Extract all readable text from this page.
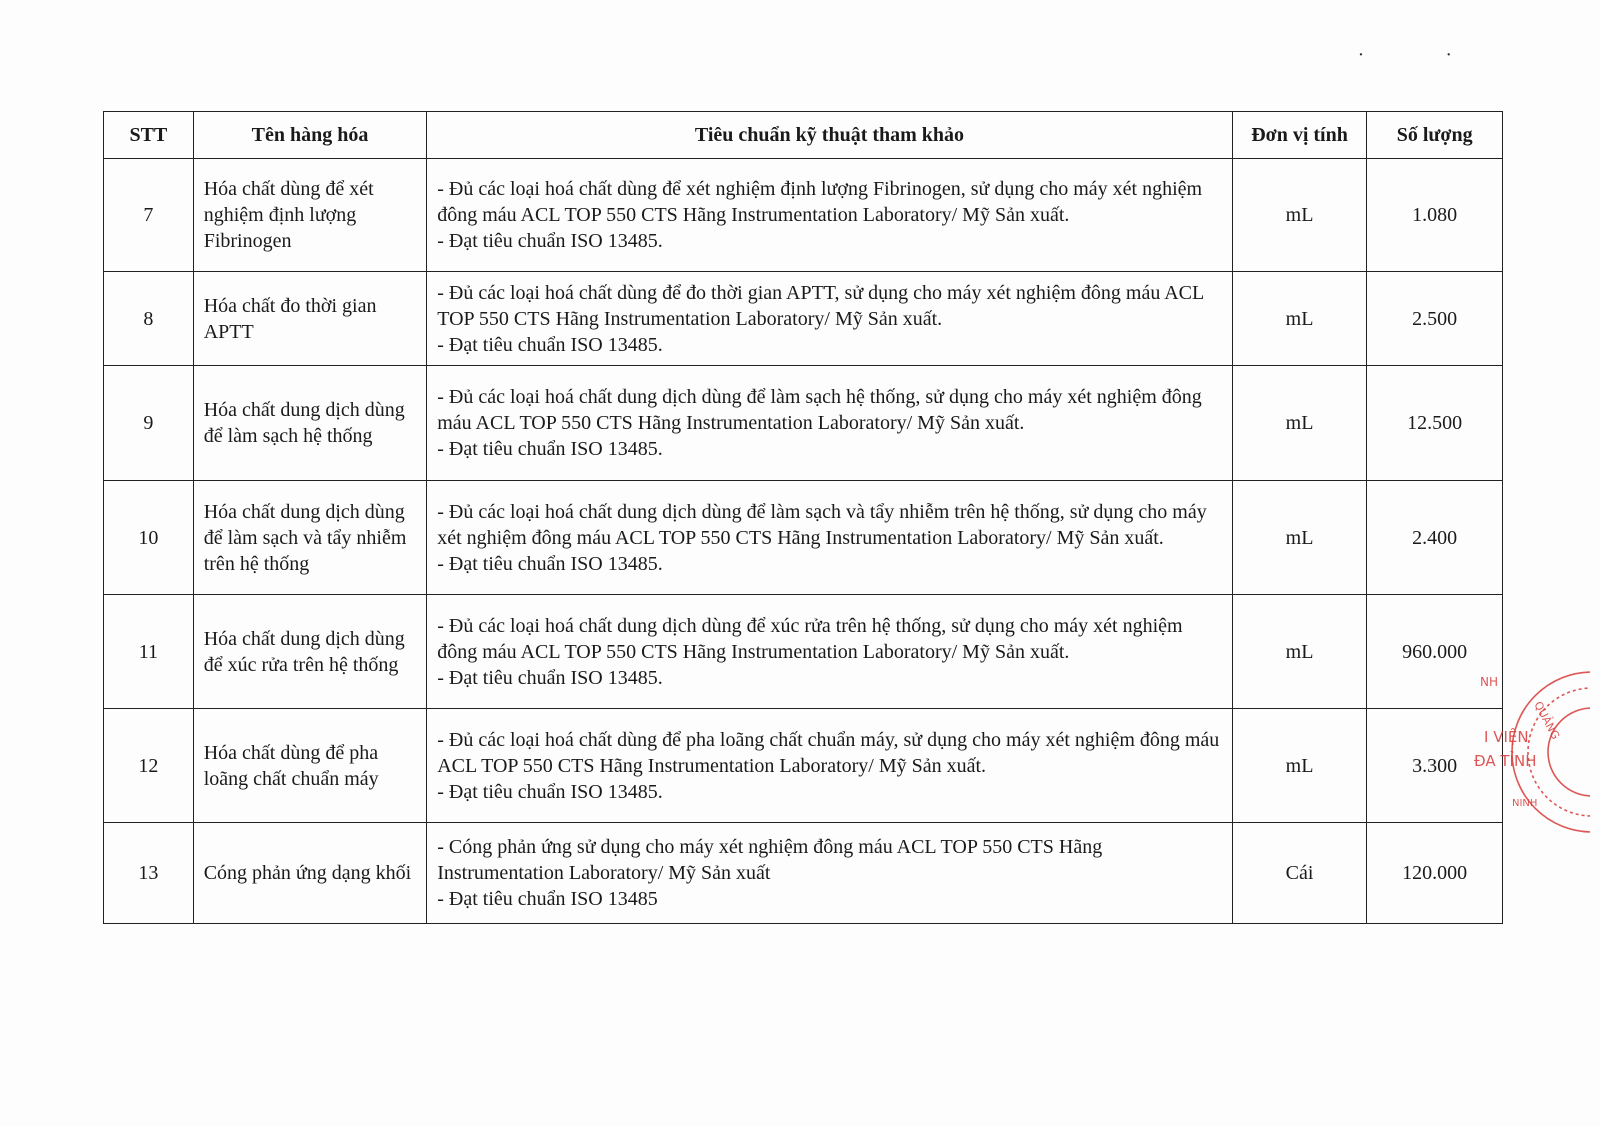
· ·
STT	Tên hàng hóa	Tiêu chuẩn kỹ thuật tham khảo	Đơn vị tính	Số lượng
7	Hóa chất dùng để xét nghiệm định lượng Fibrinogen	- Đủ các loại hoá chất dùng để xét nghiệm định lượng Fibrinogen, sử dụng cho máy xét nghiệm đông máu ACL TOP 550 CTS Hãng Instrumentation Laboratory/ Mỹ Sản xuất.
- Đạt tiêu chuẩn ISO 13485.	mL	1.080
8	Hóa chất đo thời gian APTT	- Đủ các loại hoá chất dùng để đo thời gian APTT, sử dụng cho máy xét nghiệm đông máu ACL TOP 550 CTS Hãng Instrumentation Laboratory/ Mỹ Sản xuất.
- Đạt tiêu chuẩn ISO 13485.	mL	2.500
9	Hóa chất dung dịch dùng để làm sạch hệ thống	- Đủ các loại hoá chất dung dịch dùng để làm sạch hệ thống, sử dụng cho máy xét nghiệm đông máu ACL TOP 550 CTS Hãng Instrumentation Laboratory/ Mỹ Sản xuất.
- Đạt tiêu chuẩn ISO 13485.	mL	12.500
10	Hóa chất dung dịch dùng để làm sạch và tẩy nhiễm trên hệ thống	- Đủ các loại hoá chất dung dịch dùng để làm sạch và tẩy nhiễm trên hệ thống, sử dụng cho máy xét nghiệm đông máu ACL TOP 550 CTS Hãng Instrumentation Laboratory/ Mỹ Sản xuất.
- Đạt tiêu chuẩn ISO 13485.	mL	2.400
11	Hóa chất dung dịch dùng để xúc rửa trên hệ thống	- Đủ các loại hoá chất dung dịch dùng để xúc rửa trên hệ thống, sử dụng cho máy xét nghiệm đông máu ACL TOP 550 CTS Hãng Instrumentation Laboratory/ Mỹ Sản xuất.
- Đạt tiêu chuẩn ISO 13485.	mL	960.000
12	Hóa chất dùng để pha loãng chất chuẩn máy	- Đủ các loại hoá chất dùng để pha loãng chất chuẩn máy, sử dụng cho máy xét nghiệm đông máu ACL TOP 550 CTS Hãng Instrumentation Laboratory/ Mỹ Sản xuất.
- Đạt tiêu chuẩn ISO 13485.	mL	3.300
13	Cóng phản ứng dạng khối	- Cóng phản ứng sử dụng cho máy xét nghiệm đông máu ACL TOP 550 CTS Hãng Instrumentation Laboratory/ Mỹ Sản xuất
- Đạt tiêu chuẩn ISO 13485	Cái	120.000
NH
QUẢNG
I VIỆN
ĐA TỈNH
NINH
